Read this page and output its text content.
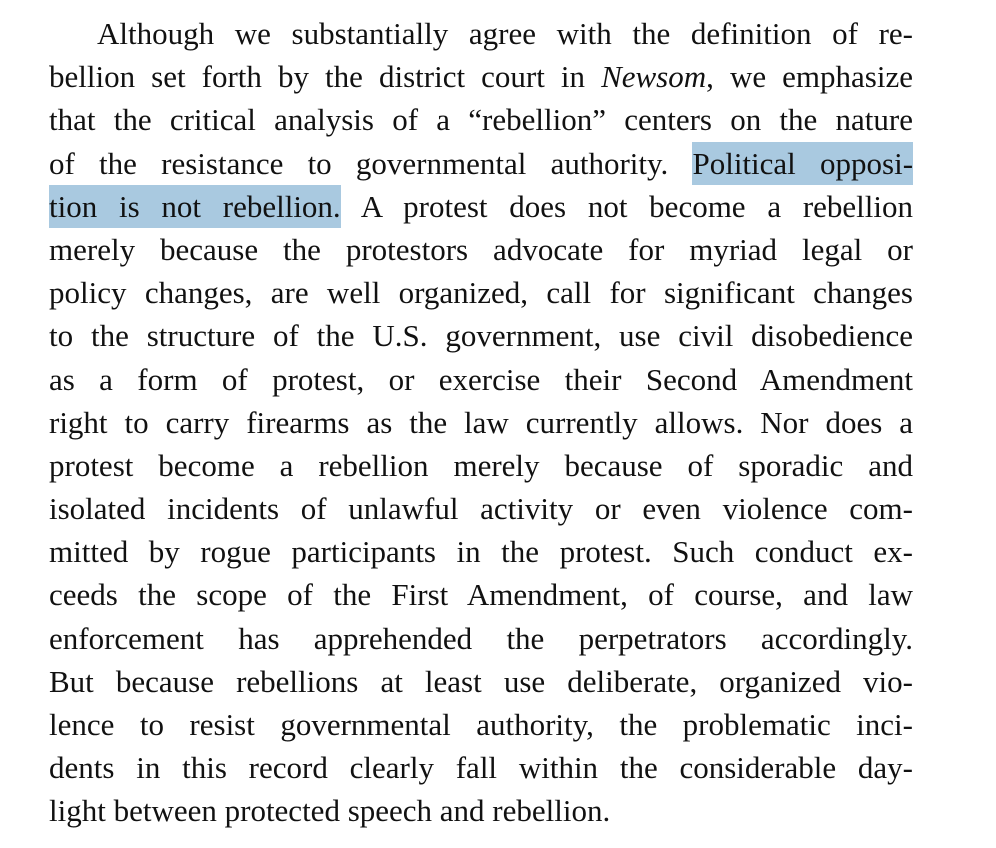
Although we substantially agree with the definition of re-
bellion set forth by the district court in Newsom, we emphasize
that the critical analysis of a “rebellion” centers on the nature
of the resistance to governmental authority. Political opposi-
tion is not rebellion. A protest does not become a rebellion
merely because the protestors advocate for myriad legal or
policy changes, are well organized, call for significant changes
to the structure of the U.S. government, use civil disobedience
as a form of protest, or exercise their Second Amendment
right to carry firearms as the law currently allows. Nor does a
protest become a rebellion merely because of sporadic and
isolated incidents of unlawful activity or even violence com-
mitted by rogue participants in the protest. Such conduct ex-
ceeds the scope of the First Amendment, of course, and law
enforcement has apprehended the perpetrators accordingly.
But because rebellions at least use deliberate, organized vio-
lence to resist governmental authority, the problematic inci-
dents in this record clearly fall within the considerable day-
light between protected speech and rebellion.
